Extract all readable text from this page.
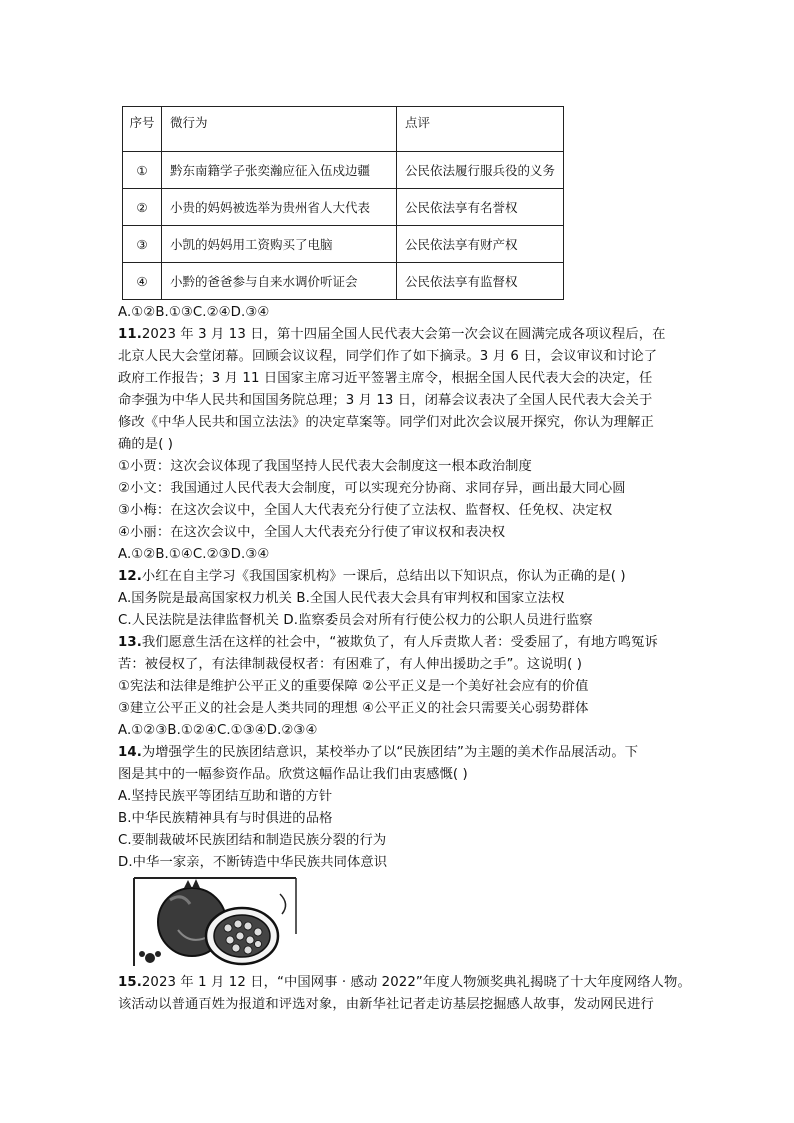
序号	微行为	点评
①	黔东南籍学子张奕瀚应征入伍戍边疆	公民依法履行服兵役的义务
②	小贵的妈妈被选举为贵州省人大代表	公民依法享有名誉权
③	小凯的妈妈用工资购买了电脑	公民依法享有财产权
④	小黔的爸爸参与自来水调价听证会	公民依法享有监督权
A.①②B.①③C.②④D.③④
11.2023 年 3 月 13 日，第十四届全国人民代表大会第一次会议在圆满完成各项议程后，在
北京人民大会堂闭幕。回顾会议议程，同学们作了如下摘录。3 月 6 日，会议审议和讨论了
政府工作报告；3 月 11 日国家主席习近平签署主席令，根据全国人民代表大会的决定，任
命李强为中华人民共和国国务院总理；3 月 13 日，闭幕会议表决了全国人民代表大会关于
修改《中华人民共和国立法法》的决定草案等。同学们对此次会议展开探究，你认为理解正
确的是( )
①小贾：这次会议体现了我国坚持人民代表大会制度这一根本政治制度
②小文：我国通过人民代表大会制度，可以实现充分协商、求同存异，画出最大同心圆
③小梅：在这次会议中，全国人大代表充分行使了立法权、监督权、任免权、决定权
④小丽：在这次会议中，全国人大代表充分行使了审议权和表决权
A.①②B.①④C.②③D.③④
12.小红在自主学习《我国国家机构》一课后，总结出以下知识点，你认为正确的是( )
A.国务院是最高国家权力机关 B.全国人民代表大会具有审判权和国家立法权
C.人民法院是法律监督机关 D.监察委员会对所有行使公权力的公职人员进行监察
13.我们愿意生活在这样的社会中，“被欺负了，有人斥责欺人者：受委屈了，有地方鸣冤诉
苦：被侵权了，有法律制裁侵权者：有困难了，有人伸出援助之手”。这说明( )
①宪法和法律是维护公平正义的重要保障 ②公平正义是一个美好社会应有的价值
③建立公平正义的社会是人类共同的理想 ④公平正义的社会只需要关心弱势群体
A.①②③B.①②④C.①③④D.②③④
14.为增强学生的民族团结意识，某校举办了以“民族团结”为主题的美术作品展活动。下
图是其中的一幅参资作品。欣赏这幅作品让我们由衷感慨( )
A.坚持民族平等团结互助和谐的方针
B.中华民族精神具有与时俱进的品格
C.要制裁破坏民族团结和制造民族分裂的行为
D.中华一家亲，不断铸造中华民族共同体意识
15.2023 年 1 月 12 日，“中国网事 · 感动 2022”年度人物颁奖典礼揭晓了十大年度网络人物。
该活动以普通百姓为报道和评选对象，由新华社记者走访基层挖掘感人故事，发动网民进行
